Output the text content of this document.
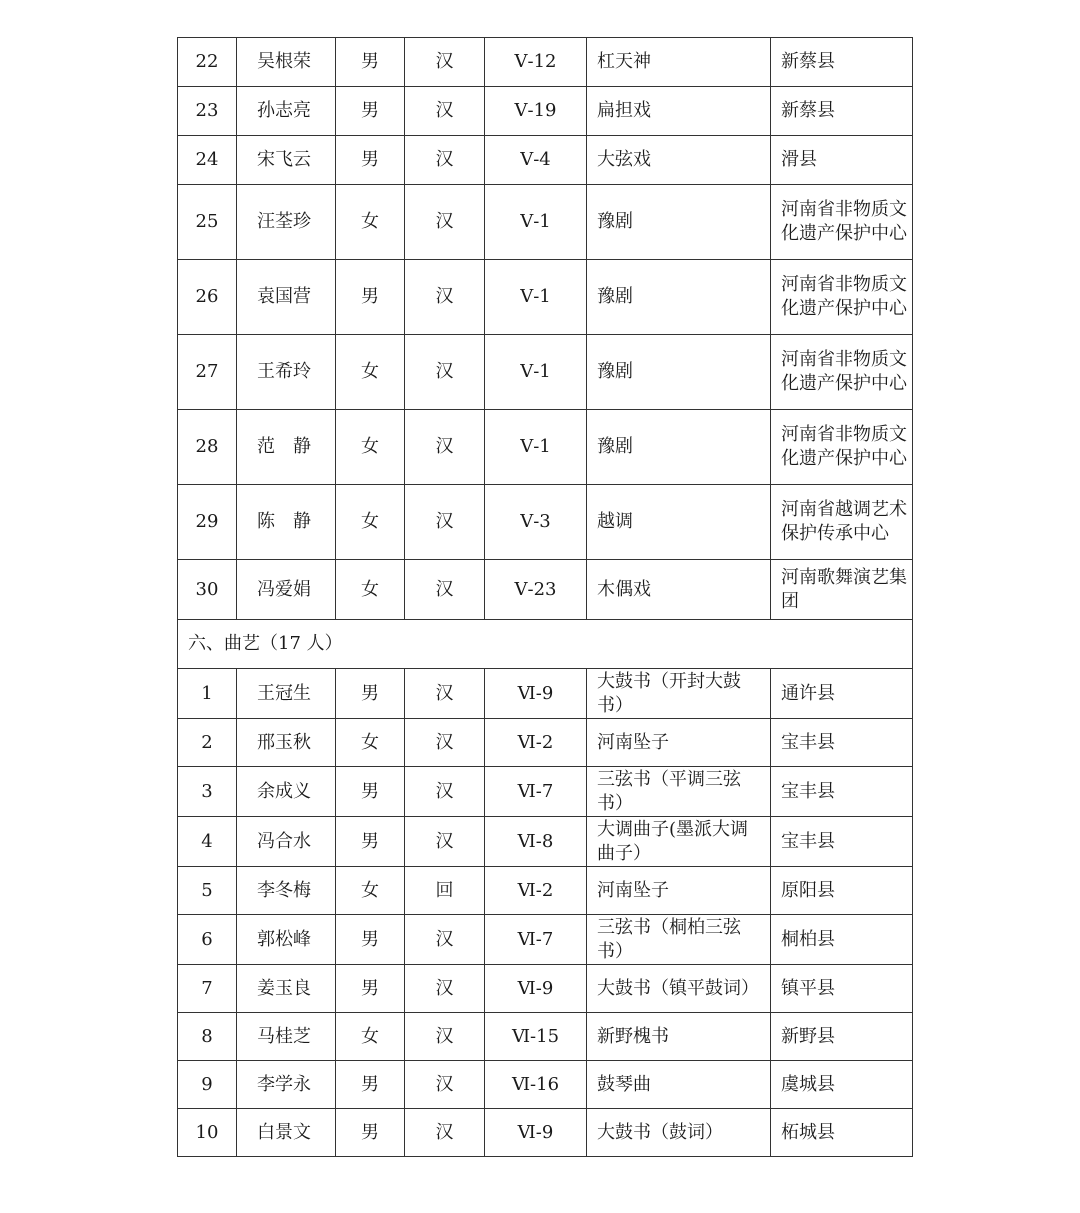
22	吴根荣	男	汉	Ⅴ-12	杠天神	新蔡县
23	孙志亮	男	汉	Ⅴ-19	扁担戏	新蔡县
24	宋飞云	男	汉	Ⅴ-4	大弦戏	滑县
25	汪荃珍	女	汉	Ⅴ-1	豫剧	河南省非物质文化遗产保护中心
26	袁国营	男	汉	Ⅴ-1	豫剧	河南省非物质文化遗产保护中心
27	王希玲	女	汉	Ⅴ-1	豫剧	河南省非物质文化遗产保护中心
28	范　静	女	汉	Ⅴ-1	豫剧	河南省非物质文化遗产保护中心
29	陈　静	女	汉	Ⅴ-3	越调	河南省越调艺术保护传承中心
30	冯爱娟	女	汉	Ⅴ-23	木偶戏	河南歌舞演艺集团
六、曲艺（17 人）						
1	王冠生	男	汉	Ⅵ-9	大鼓书（开封大鼓书）	通许县
2	邢玉秋	女	汉	Ⅵ-2	河南坠子	宝丰县
3	余成义	男	汉	Ⅵ-7	三弦书（平调三弦书）	宝丰县
4	冯合水	男	汉	Ⅵ-8	大调曲子(墨派大调曲子）	宝丰县
5	李冬梅	女	回	Ⅵ-2	河南坠子	原阳县
6	郭松峰	男	汉	Ⅵ-7	三弦书（桐柏三弦书）	桐柏县
7	姜玉良	男	汉	Ⅵ-9	大鼓书（镇平鼓词）	镇平县
8	马桂芝	女	汉	Ⅵ-15	新野槐书	新野县
9	李学永	男	汉	Ⅵ-16	鼓琴曲	虞城县
10	白景文	男	汉	Ⅵ-9	大鼓书（鼓词）	柘城县
